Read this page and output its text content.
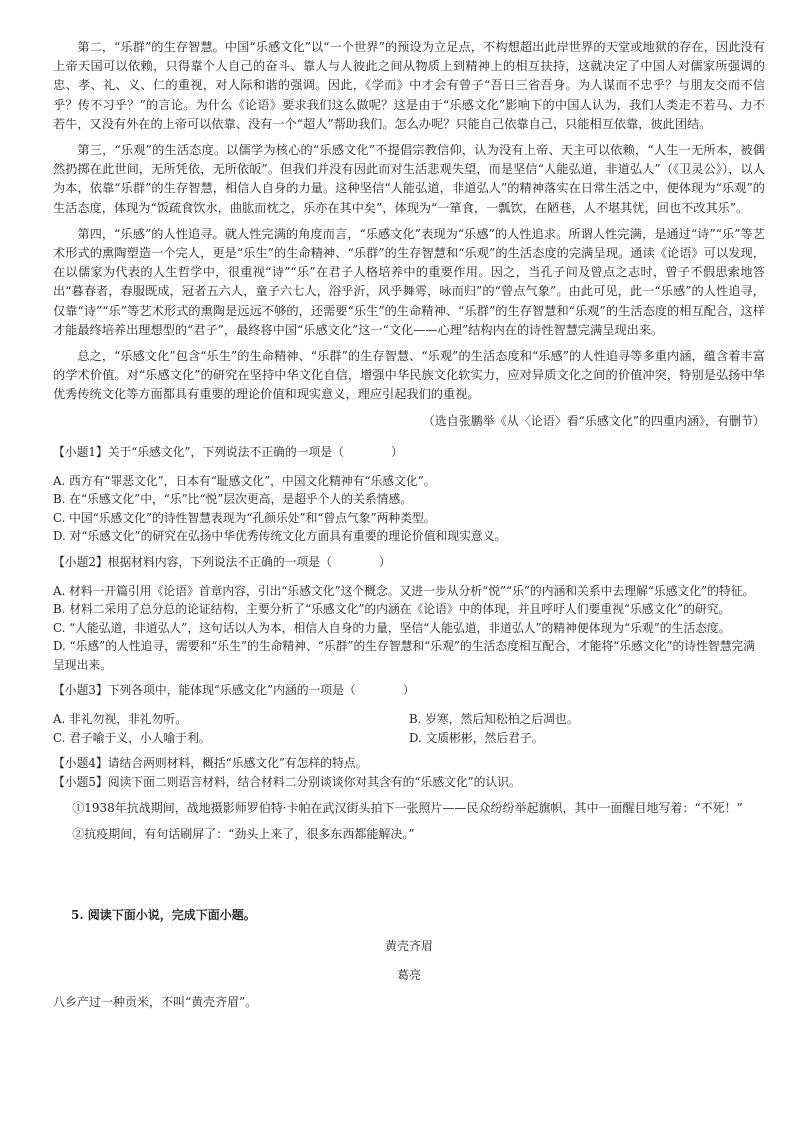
第二，“乐群”的生存智慧。中国“乐感文化”以“一个世界”的预设为立足点，不构想超出此岸世界的天堂或地狱的存在，因此没有上帝天国可以依赖，只得靠个人自己的奋斗、靠人与人彼此之间从物质上到精神上的相互扶持，这就决定了中国人对儒家所强调的忠、孝、礼、义、仁的重视，对人际和谐的强调。因此，《学而》中才会有曾子“吾日三省吾身。为人谋而不忠乎？与朋友交而不信乎？传不习乎？”的言论。为什么《论语》要求我们这么做呢？这是由于“乐感文化”影响下的中国人认为，我们人类走不若马、力不若牛，又没有外在的上帝可以依靠、没有一个“超人”帮助我们。怎么办呢？只能自己依靠自己，只能相互依靠，彼此团结。

第三，“乐观”的生活态度。以儒学为核心的“乐感文化”不提倡宗教信仰，认为没有上帝、天主可以依赖，“人生一无所本，被偶然扔掷在此世间，无所凭依，无所依皈”。但我们并没有因此而对生活悲观失望，而是坚信“人能弘道，非道弘人”（《卫灵公》），以人为本，依靠“乐群”的生存智慧，相信人自身的力量。这种坚信“人能弘道，非道弘人”的精神落实在日常生活之中，便体现为“乐观”的生活态度，体现为“饭疏食饮水，曲肱而枕之，乐亦在其中矣”，体现为“一箪食，一瓢饮，在陋巷，人不堪其忧，回也不改其乐”。

第四，“乐感”的人性追寻。就人性完满的角度而言，“乐感文化”表现为“乐感”的人性追求。所谓人性完满，是通过“诗”“乐”等艺术形式的熏陶塑造一个完人，更是“乐生”的生命精神、“乐群”的生存智慧和“乐观”的生活态度的完满呈现。通读《论语》可以发现，在以儒家为代表的人生哲学中，很重视“诗”“乐”在君子人格培养中的重要作用。因之，当孔子问及曾点之志时，曾子不假思索地答出“暮春者，春服既成，冠者五六人，童子六七人，浴乎沂，风乎舞雩，咏而归”的“曾点气象”。由此可见，此一“乐感”的人性追寻，仅靠“诗”“乐”等艺术形式的熏陶是远远不够的，还需要“乐生”的生命精神、“乐群”的生存智慧和“乐观”的生活态度的相互配合，这样才能最终培养出理想型的“君子”，最终将中国“乐感文化”这一“文化——心理”结构内在的诗性智慧完满呈现出来。

总之，“乐感文化”包含“乐生”的生命精神、“乐群”的生存智慧、“乐观”的生活态度和“乐感”的人性追寻等多重内涵，蕴含着丰富的学术价值。对“乐感文化”的研究在坚持中华文化自信，增强中华民族文化软实力，应对异质文化之间的价值冲突，特别是弘扬中华优秀传统文化等方面都具有重要的理论价值和现实意义，理应引起我们的重视。

（选自张鹏举《从〈论语〉看“乐感文化”的四重内涵》，有删节）

【小题1】关于“乐感文化”，下列说法不正确的一项是（　　　　）

A. 西方有“罪恶文化”，日本有“耻感文化”，中国文化精神有“乐感文化”。

B. 在“乐感文化”中，“乐”比“悦”层次更高，是超乎个人的关系情感。

C. 中国“乐感文化”的诗性智慧表现为“孔颜乐处”和“曾点气象”两种类型。

D. 对“乐感文化”的研究在弘扬中华优秀传统文化方面具有重要的理论价值和现实意义。

【小题2】根据材料内容，下列说法不正确的一项是（　　　　）

A. 材料一开篇引用《论语》首章内容，引出“乐感文化”这个概念。又进一步从分析“悦”“乐”的内涵和关系中去理解“乐感文化”的特征。

B. 材料二采用了总分总的论证结构，主要分析了“乐感文化”的内涵在《论语》中的体现，并且呼吁人们要重视“乐感文化”的研究。

C. “人能弘道，非道弘人”，这句话以人为本，相信人自身的力量，坚信“人能弘道，非道弘人”的精神便体现为“乐观”的生活态度。

D. “乐感”的人性追寻，需要和“乐生”的生命精神、“乐群”的生存智慧和“乐观”的生活态度相互配合，才能将“乐感文化”的诗性智慧完满呈现出来。

【小题3】下列各项中，能体现“乐感文化”内涵的一项是（　　　　）

A. 非礼勿视，非礼勿听。	B. 岁寒，然后知松柏之后凋也。

C. 君子喻于义，小人喻于利。	D. 文质彬彬，然后君子。

【小题4】请结合两则材料，概括“乐感文化”有怎样的特点。

【小题5】阅读下面二则语言材料，结合材料二分别谈谈你对其含有的“乐感文化”的认识。

①1938年抗战期间，战地摄影师罗伯特·卡帕在武汉街头拍下一张照片——民众纷纷举起旗帜，其中一面醒目地写着：“不死！”

②抗疫期间，有句话刷屏了：“劲头上来了，很多东西都能解决。”

5. 阅读下面小说，完成下面小题。

黄壳齐眉

葛亮

八乡产过一种贡米，不叫“黄壳齐眉”。
